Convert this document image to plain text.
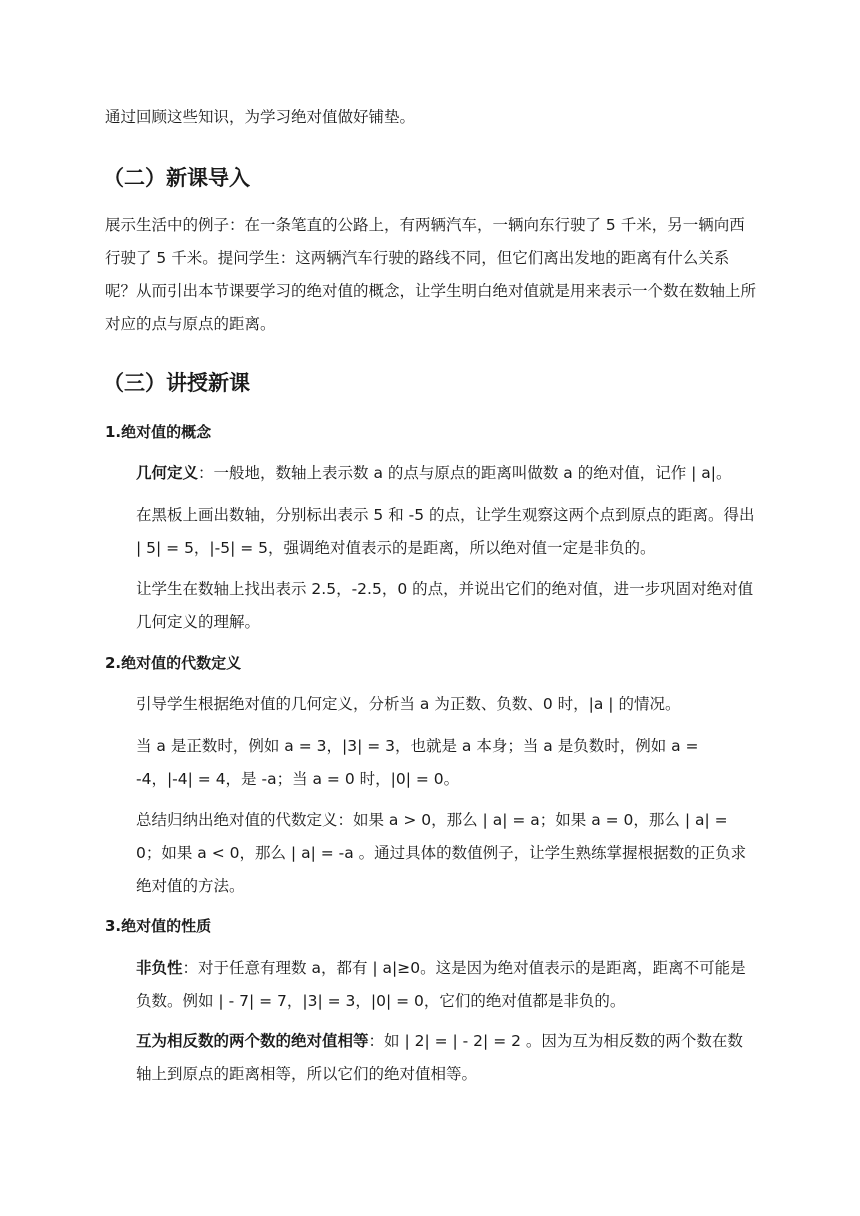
通过回顾这些知识，为学习绝对值做好铺垫。

（二）新课导入

展示生活中的例子：在一条笔直的公路上，有两辆汽车，一辆向东行驶了 5 千米，另一辆向西行驶了 5 千米。提问学生：这两辆汽车行驶的路线不同，但它们离出发地的距离有什么关系呢？从而引出本节课要学习的绝对值的概念，让学生明白绝对值就是用来表示一个数在数轴上所对应的点与原点的距离。

（三）讲授新课
1.绝对值的概念

几何定义：一般地，数轴上表示数 a 的点与原点的距离叫做数 a 的绝对值，记作 | a|。

在黑板上画出数轴，分别标出表示 5 和 -5 的点，让学生观察这两个点到原点的距离。得出 | 5| = 5，|-5| = 5，强调绝对值表示的是距离，所以绝对值一定是非负的。

让学生在数轴上找出表示 2.5，-2.5，0 的点，并说出它们的绝对值，进一步巩固对绝对值几何定义的理解。

2.绝对值的代数定义

引导学生根据绝对值的几何定义，分析当 a 为正数、负数、0 时，|a | 的情况。

当 a 是正数时，例如 a = 3，|3| = 3，也就是 a 本身；当 a 是负数时，例如 a = -4，|-4| = 4，是 -a；当 a = 0 时，|0| = 0。

总结归纳出绝对值的代数定义：如果 a > 0，那么 | a| = a；如果 a = 0，那么 | a| = 0；如果 a < 0，那么 | a| = -a 。通过具体的数值例子，让学生熟练掌握根据数的正负求绝对值的方法。

3.绝对值的性质

非负性：对于任意有理数 a，都有 | a|≥0。这是因为绝对值表示的是距离，距离不可能是负数。例如 | - 7| = 7，|3| = 3，|0| = 0，它们的绝对值都是非负的。

互为相反数的两个数的绝对值相等：如 | 2| = | - 2| = 2 。因为互为相反数的两个数在数轴上到原点的距离相等，所以它们的绝对值相等。
